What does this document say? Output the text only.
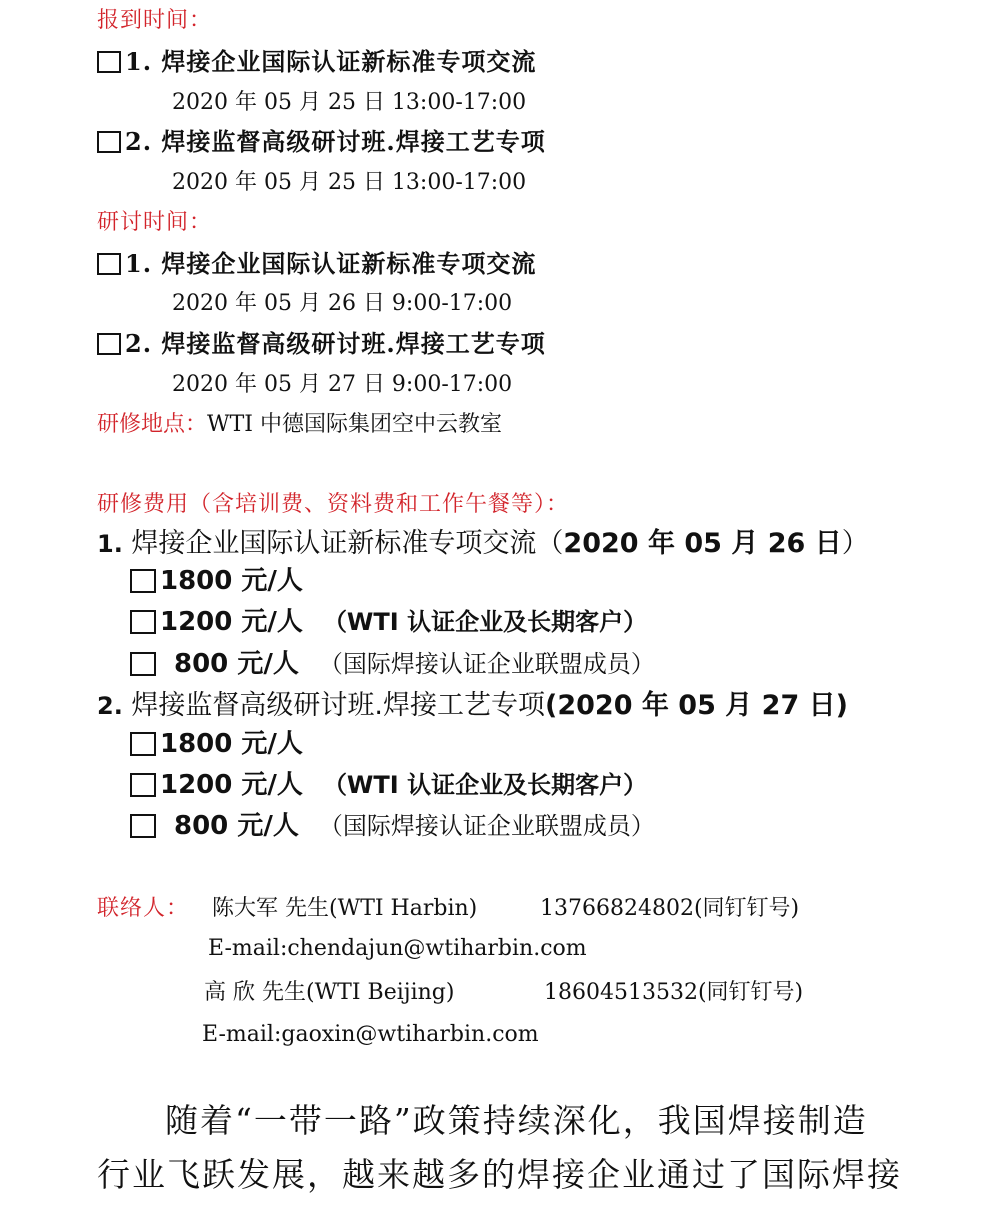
报到时间：
1. 焊接企业国际认证新标准专项交流
2020 年 05 月 25 日 13:00-17:00
2. 焊接监督高级研讨班.焊接工艺专项
2020 年 05 月 25 日 13:00-17:00
研讨时间：
1. 焊接企业国际认证新标准专项交流
2020 年 05 月 26 日 9:00-17:00
2. 焊接监督高级研讨班.焊接工艺专项
2020 年 05 月 27 日 9:00-17:00
研修地点：WTI 中德国际集团空中云教室
研修费用（含培训费、资料费和工作午餐等）：
1. 焊接企业国际认证新标准专项交流（2020 年 05 月 26 日）
1800 元/人
1200 元/人 （WTI 认证企业及长期客户）
800 元/人 （国际焊接认证企业联盟成员）
2. 焊接监督高级研讨班.焊接工艺专项(2020 年 05 月 27 日)
1800 元/人
1200 元/人 （WTI 认证企业及长期客户）
800 元/人 （国际焊接认证企业联盟成员）
联络人： 陈大军 先生(WTI Harbin)	13766824802(同钉钉号)
E-mail:chendajun@wtiharbin.com
高 欣 先生(WTI Beijing)	18604513532(同钉钉号)
E-mail:gaoxin@wtiharbin.com
随着“一带一路”政策持续深化，我国焊接制造
行业飞跃发展，越来越多的焊接企业通过了国际焊接
